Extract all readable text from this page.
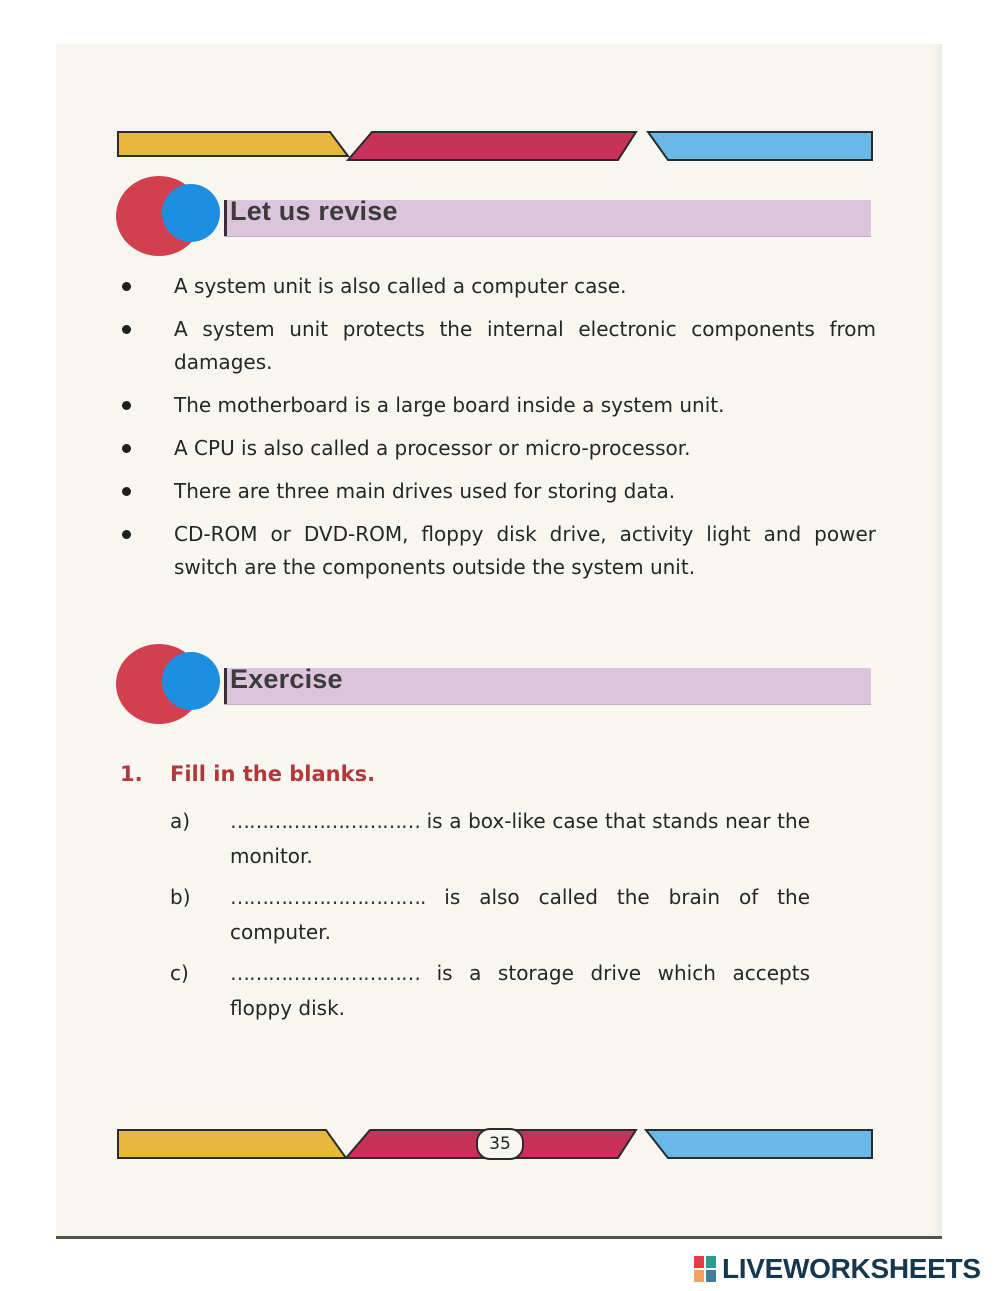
Let us revise
A system unit is also called a computer case.
A system unit protects the internal electronic components from damages.
The motherboard is a large board inside a system unit.
A CPU is also called a processor or micro-processor.
There are three main drives used for storing data.
CD-ROM or DVD-ROM, floppy disk drive, activity light and power switch are the components outside the system unit.
Exercise
1. Fill in the blanks.
a) ………………………… is a box-like case that stands near the monitor.
b) …………………………. is also called the brain of the computer.
c) ………………………… is a storage drive which accepts floppy disk.
35
LIVEWORKSHEETS
